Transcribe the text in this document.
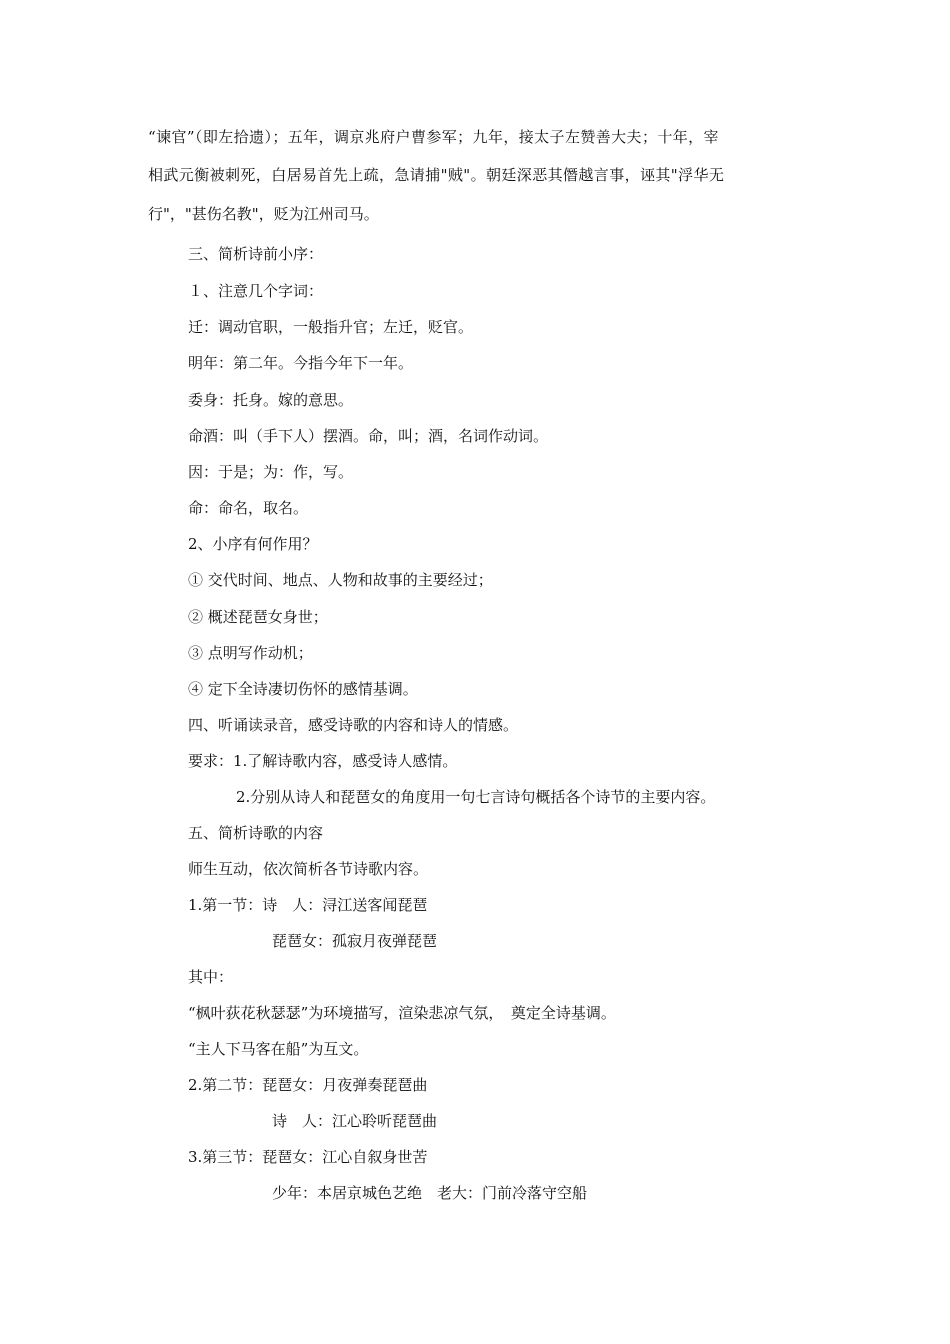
“谏官”（即左拾遗）；五年，调京兆府户曹参军；九年，接太子左赞善大夫；十年，宰
相武元衡被刺死，白居易首先上疏，急请捕"贼"。朝廷深恶其僭越言事，诬其"浮华无
行"，"甚伤名教"，贬为江州司马。
三、简析诗前小序：
１、注意几个字词：
迁：调动官职，一般指升官；左迁，贬官。
明年：第二年。今指今年下一年。
委身：托身。嫁的意思。
命酒：叫（手下人）摆酒。命，叫；酒，名词作动词。
因：于是；为：作，写。
命：命名，取名。
2、小序有何作用？
① 交代时间、地点、人物和故事的主要经过；
② 概述琵琶女身世；
③ 点明写作动机；
④ 定下全诗凄切伤怀的感情基调。
四、听诵读录音，感受诗歌的内容和诗人的情感。
要求：1.了解诗歌内容，感受诗人感情。
2.分别从诗人和琵琶女的角度用一句七言诗句概括各个诗节的主要内容。
五、简析诗歌的内容
师生互动，依次简析各节诗歌内容。
1.第一节：诗　人：浔江送客闻琵琶
琵琶女：孤寂月夜弹琵琶
其中：
“枫叶荻花秋瑟瑟”为环境描写，渲染悲凉气氛，　奠定全诗基调。
“主人下马客在船”为互文。
2.第二节：琵琶女：月夜弹奏琵琶曲
诗　人：江心聆听琵琶曲
3.第三节：琵琶女：江心自叙身世苦
少年：本居京城色艺绝　老大：门前冷落守空船
